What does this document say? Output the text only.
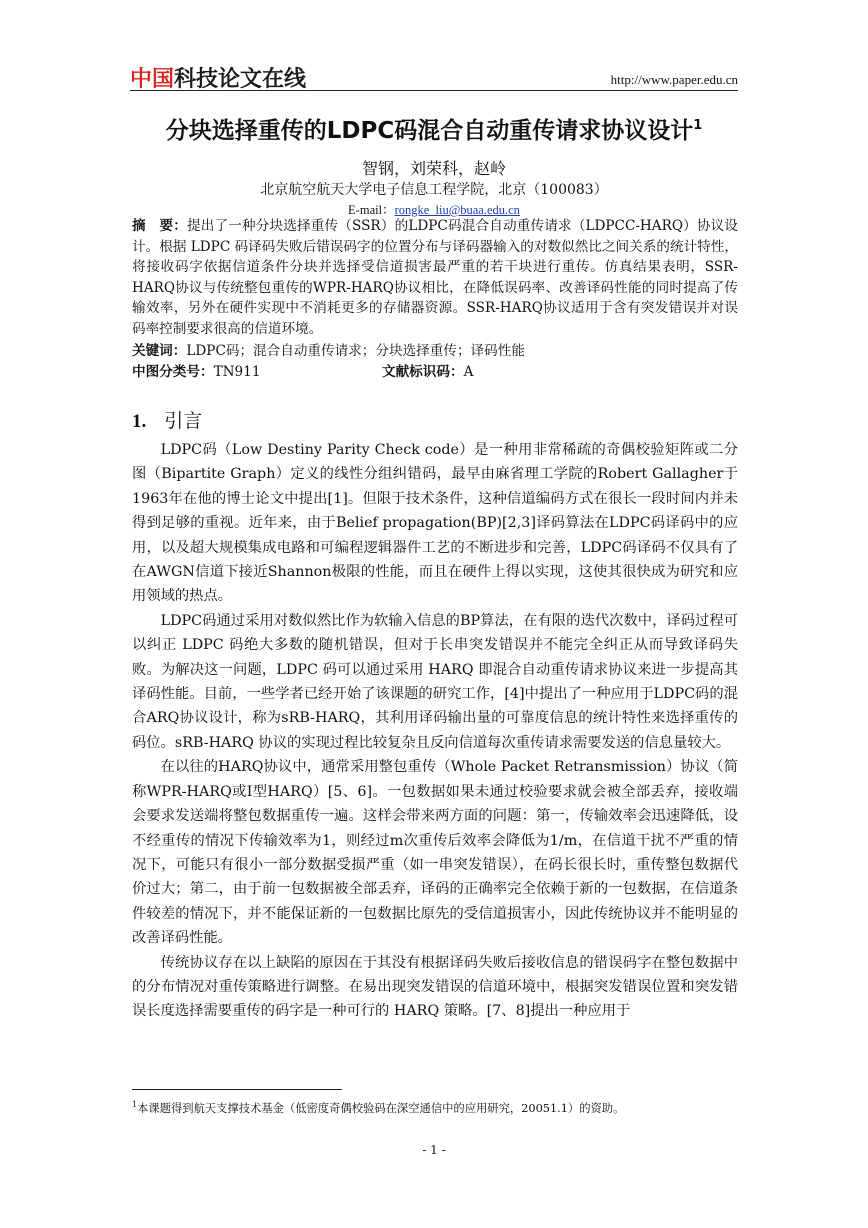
中国科技论文在线	http://www.paper.edu.cn
分块选择重传的LDPC码混合自动重传请求协议设计$^1$
智钢，刘荣科，赵岭
北京航空航天大学电子信息工程学院，北京（100083）
E-mail：rongke_liu@buaa.edu.cn
摘　要：提出了一种分块选择重传（SSR）的LDPC码混合自动重传请求（LDPCC-HARQ）协议设计。根据 LDPC 码译码失败后错误码字的位置分布与译码器输入的对数似然比之间关系的统计特性，将接收码字依据信道条件分块并选择受信道损害最严重的若干块进行重传。仿真结果表明，SSR-HARQ协议与传统整包重传的WPR-HARQ协议相比，在降低误码率、改善译码性能的同时提高了传输效率，另外在硬件实现中不消耗更多的存储器资源。SSR-HARQ协议适用于含有突发错误并对误码率控制要求很高的信道环境。
关键词：LDPC码；混合自动重传请求；分块选择重传；译码性能
中图分类号：TN911	文献标识码：A
1. 引言

LDPC码（Low Destiny Parity Check code）是一种用非常稀疏的奇偶校验矩阵或二分图（Bipartite Graph）定义的线性分组纠错码，最早由麻省理工学院的Robert Gallagher于1963年在他的博士论文中提出[1]。但限于技术条件，这种信道编码方式在很长一段时间内并未得到足够的重视。近年来，由于Belief propagation(BP)[2,3]译码算法在LDPC码译码中的应用，以及超大规模集成电路和可编程逻辑器件工艺的不断进步和完善，LDPC码译码不仅具有了在AWGN信道下接近Shannon极限的性能，而且在硬件上得以实现，这使其很快成为研究和应用领域的热点。

LDPC码通过采用对数似然比作为软输入信息的BP算法，在有限的迭代次数中，译码过程可以纠正 LDPC 码绝大多数的随机错误，但对于长串突发错误并不能完全纠正从而导致译码失败。为解决这一问题，LDPC 码可以通过采用 HARQ 即混合自动重传请求协议来进一步提高其译码性能。目前，一些学者已经开始了该课题的研究工作，[4]中提出了一种应用于LDPC码的混合ARQ协议设计，称为sRB-HARQ，其利用译码输出量的可靠度信息的统计特性来选择重传的码位。sRB-HARQ 协议的实现过程比较复杂且反向信道每次重传请求需要发送的信息量较大。

在以往的HARQ协议中，通常采用整包重传（Whole Packet Retransmission）协议（简称WPR-HARQ或I型HARQ）[5、6]。一包数据如果未通过校验要求就会被全部丢弃，接收端会要求发送端将整包数据重传一遍。这样会带来两方面的问题：第一，传输效率会迅速降低，设不经重传的情况下传输效率为1，则经过m次重传后效率会降低为1/m，在信道干扰不严重的情况下，可能只有很小一部分数据受损严重（如一串突发错误），在码长很长时，重传整包数据代价过大；第二，由于前一包数据被全部丢弃，译码的正确率完全依赖于新的一包数据，在信道条件较差的情况下，并不能保证新的一包数据比原先的受信道损害小，因此传统协议并不能明显的改善译码性能。

传统协议存在以上缺陷的原因在于其没有根据译码失败后接收信息的错误码字在整包数据中的分布情况对重传策略进行调整。在易出现突发错误的信道环境中，根据突发错误位置和突发错误长度选择需要重传的码字是一种可行的 HARQ 策略。[7、8]提出一种应用于

$^1$本课题得到航天支撑技术基金（低密度奇偶校验码在深空通信中的应用研究，20051.1）的资助。
- 1 -
